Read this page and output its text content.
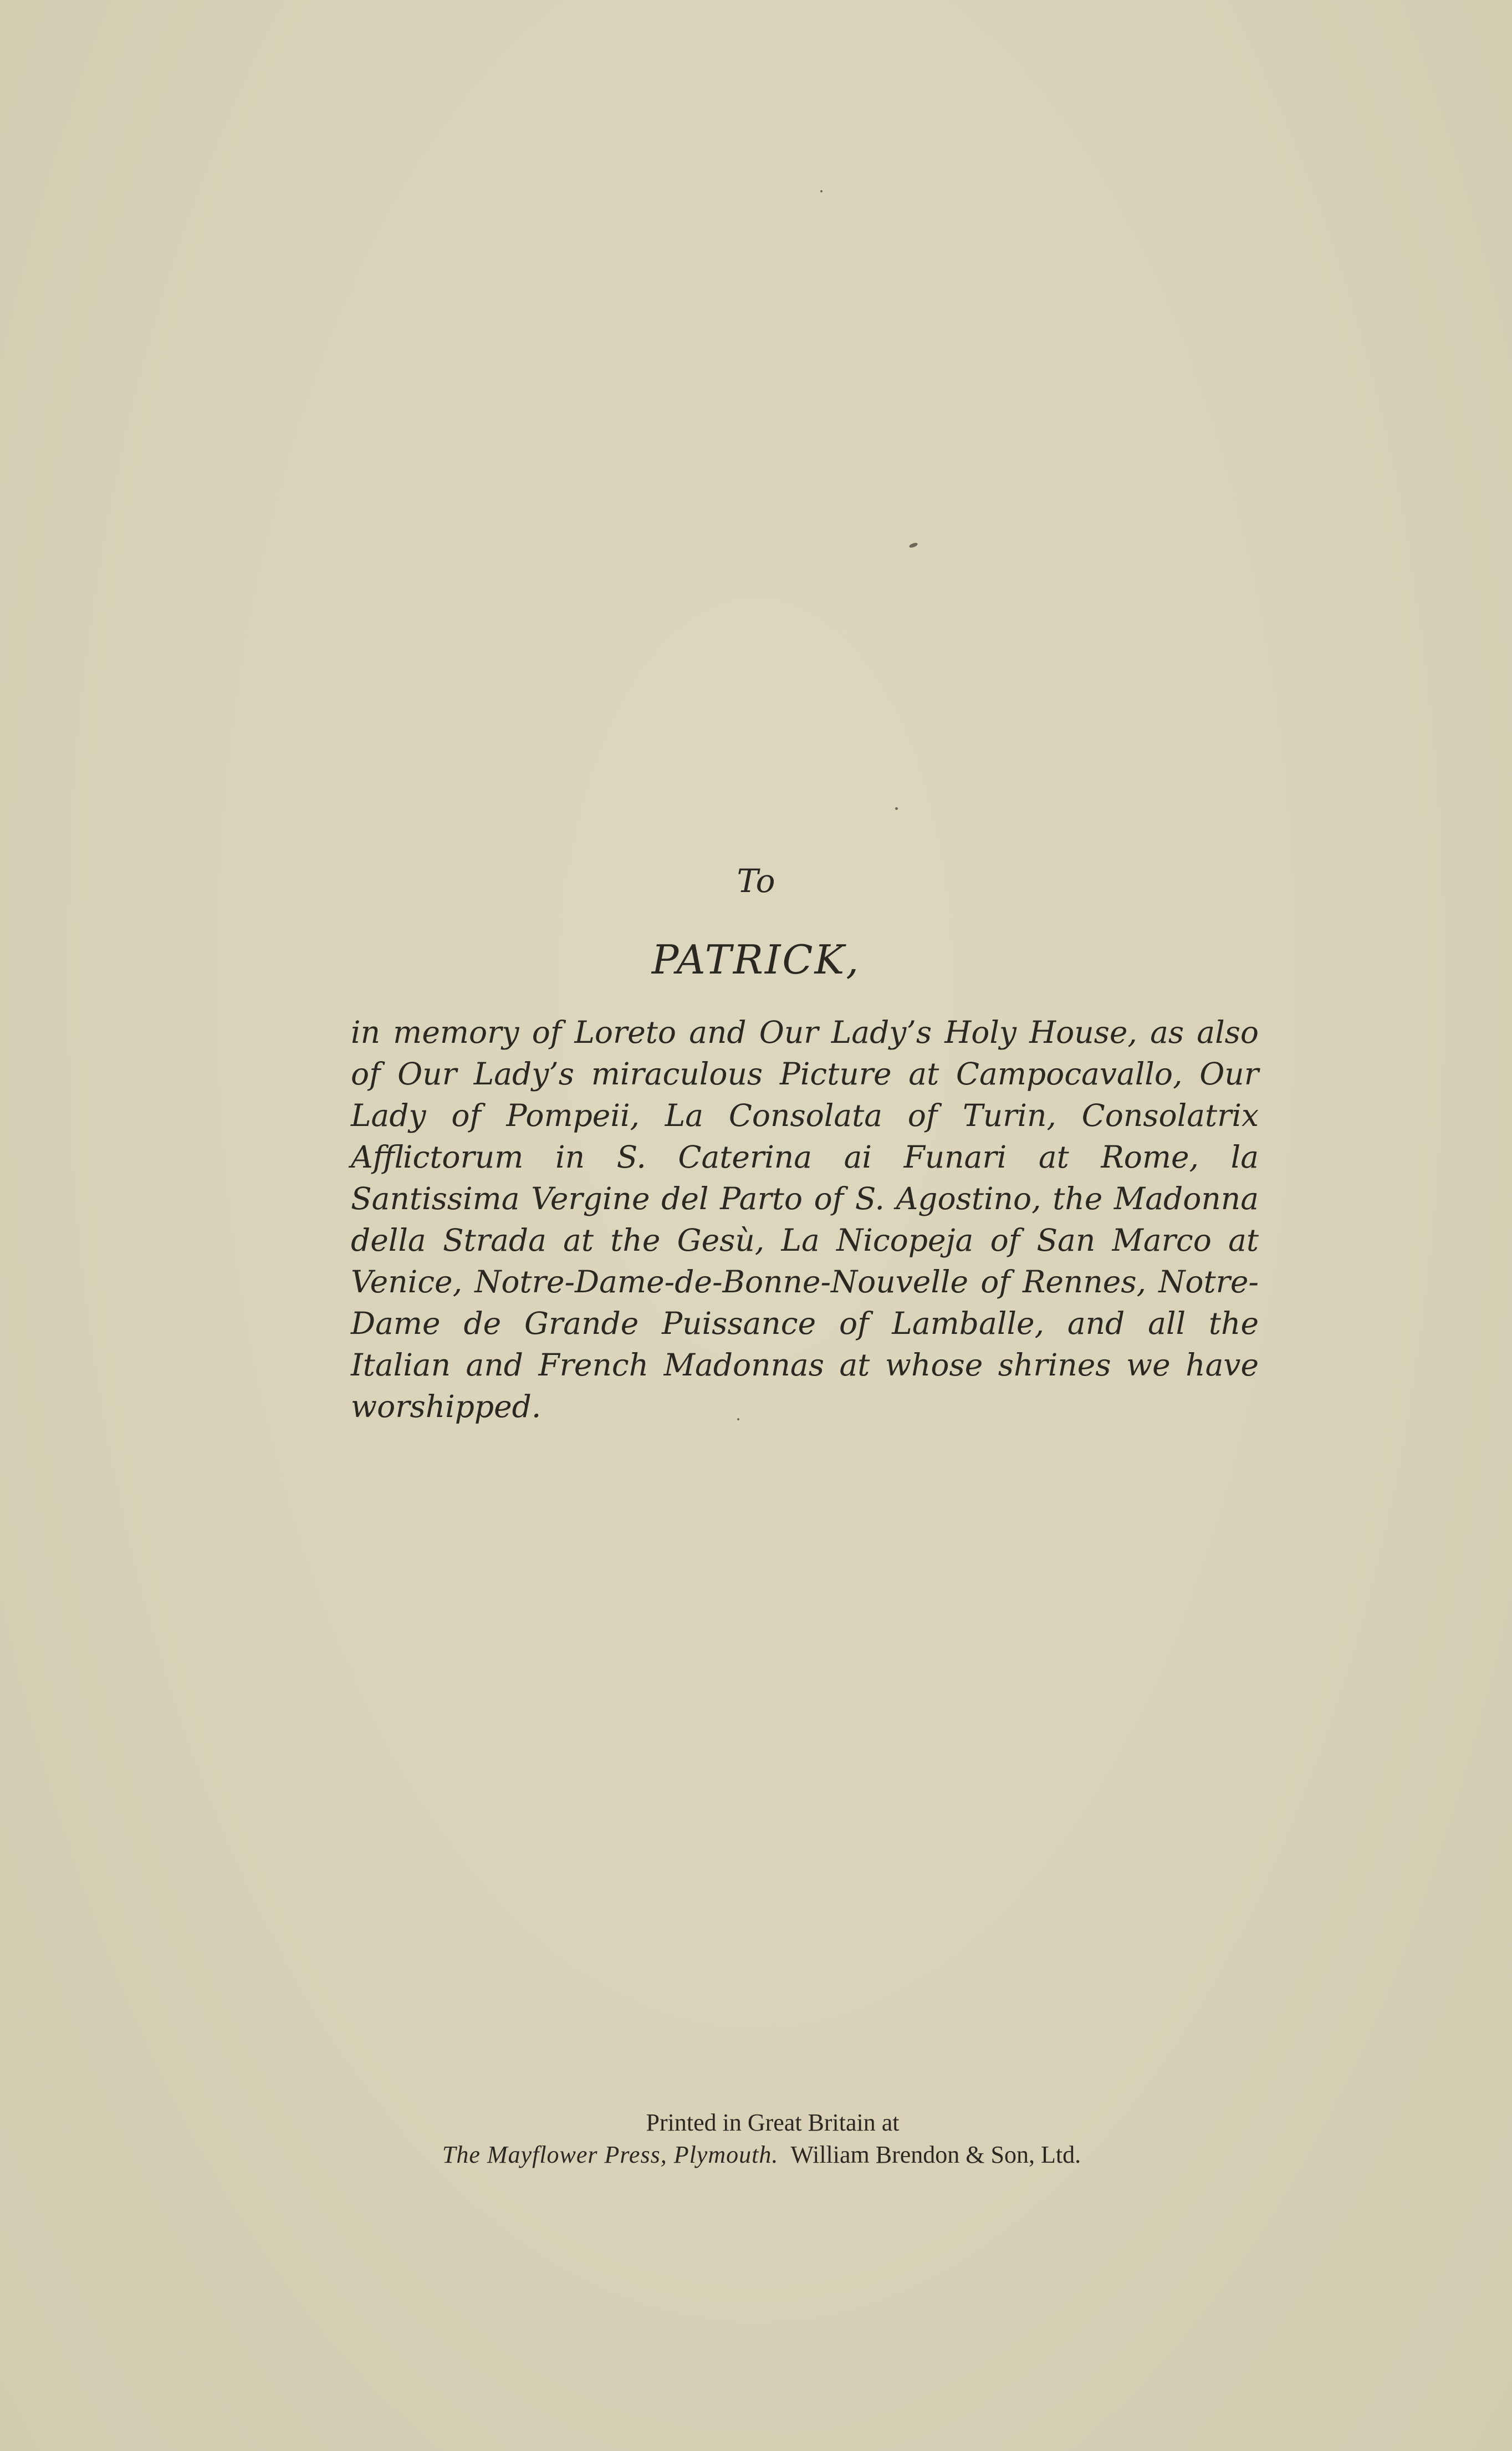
To
PATRICK,

in memory of Loreto and Our Lady’s Holy House, as also of Our Lady’s miraculous Picture at Campocavallo, Our Lady of Pompeii, La Consolata of Turin, Consolatrix Afflictorum in S. Caterina ai Funari at Rome, la Santissima Vergine del Parto of S. Agostino, the Madonna della Strada at the Gesù, La Nicopeja of San Marco at Venice, Notre-Dame-de-Bonne-Nouvelle of Rennes, Notre-Dame de Grande Puissance of Lamballe, and all the Italian and French Madonnas at whose shrines we have worshipped.

Printed in Great Britain at
The Mayflower Press, Plymouth. William Brendon & Son, Ltd.
